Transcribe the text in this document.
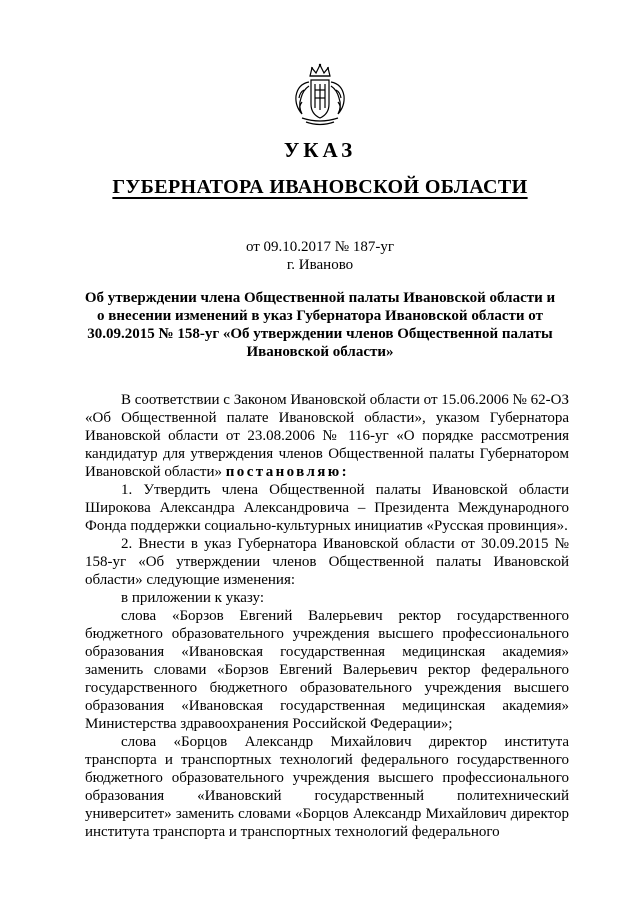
УКАЗ
ГУБЕРНАТОРА ИВАНОВСКОЙ ОБЛАСТИ
от 09.10.2017 № 187-уг
г. Иваново
Об утверждении члена Общественной палаты Ивановской области и о внесении изменений в указ Губернатора Ивановской области от 30.09.2015 № 158-уг «Об утверждении членов Общественной палаты Ивановской области»

В соответствии с Законом Ивановской области от 15.06.2006 № 62-ОЗ «Об Общественной палате Ивановской области», указом Губернатора Ивановской области от 23.08.2006 № 116-уг «О порядке рассмотрения кандидатур для утверждения членов Общественной палаты Губернатором Ивановской области» постановляю:

1. Утвердить члена Общественной палаты Ивановской области Широкова Александра Александровича – Президента Международного Фонда поддержки социально-культурных инициатив «Русская провинция».

2. Внести в указ Губернатора Ивановской области от 30.09.2015 № 158-уг «Об утверждении членов Общественной палаты Ивановской области» следующие изменения:

в приложении к указу:

слова «Борзов Евгений Валерьевич ректор государственного бюджетного образовательного учреждения высшего профессионального образования «Ивановская государственная медицинская академия» заменить словами «Борзов Евгений Валерьевич ректор федерального государственного бюджетного образовательного учреждения высшего образования «Ивановская государственная медицинская академия» Министерства здравоохранения Российской Федерации»;

слова «Борцов Александр Михайлович директор института транспорта и транспортных технологий федерального государственного бюджетного образовательного учреждения высшего профессионального образования «Ивановский государственный политехнический университет» заменить словами «Борцов Александр Михайлович директор института транспорта и транспортных технологий федерального
